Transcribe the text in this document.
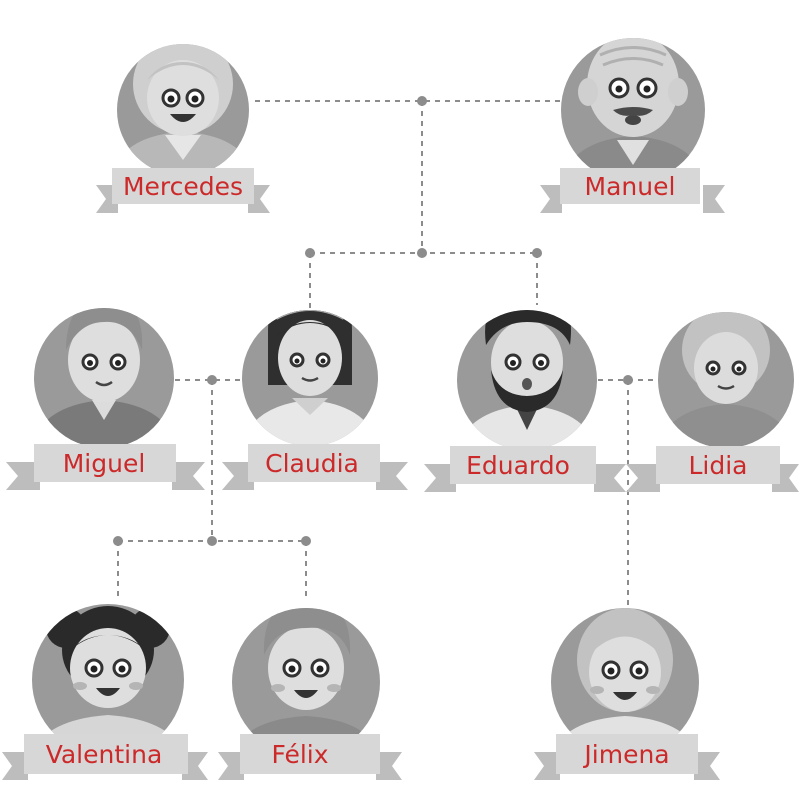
Mercedes	Manuel
Miguel	Claudia	Eduardo	Lidia
Valentina	Félix	Jimena
